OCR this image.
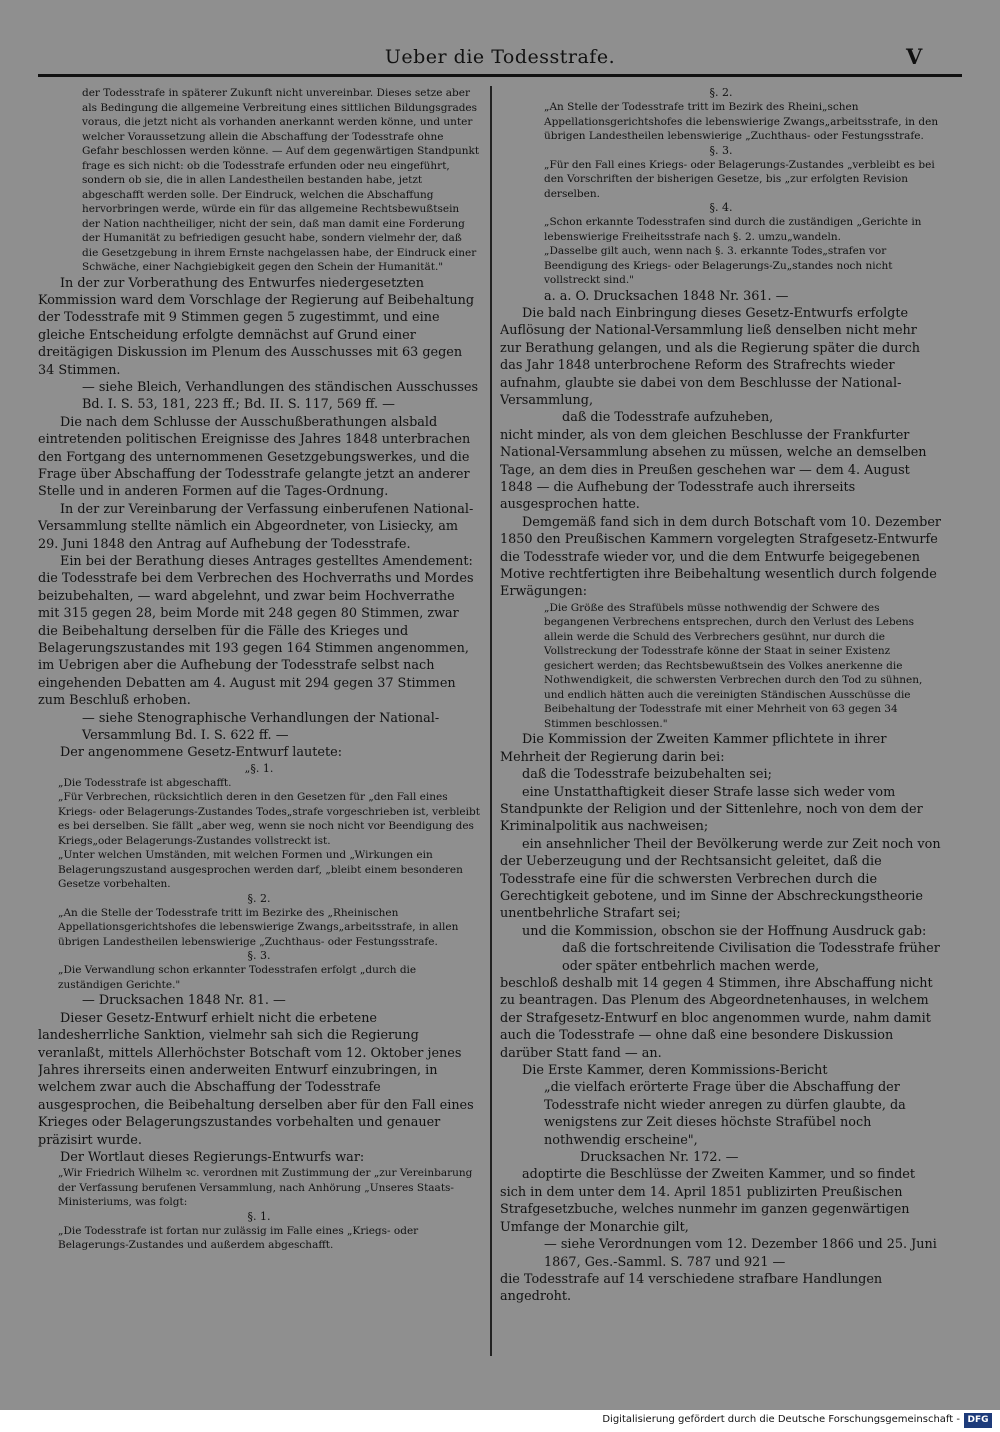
Ueber die Todesstrafe.	V

der Todesstrafe in späterer Zukunft nicht unvereinbar. Dieses setze aber als Bedingung die allgemeine Verbreitung eines sittlichen Bildungsgrades voraus, die jetzt nicht als vorhanden anerkannt werden könne, und unter welcher Voraussetzung allein die Abschaffung der Todesstrafe ohne Gefahr beschlossen werden könne. — Auf dem gegenwärtigen Standpunkt frage es sich nicht: ob die Todesstrafe erfunden oder neu eingeführt, sondern ob sie, die in allen Landestheilen bestanden habe, jetzt abgeschafft werden solle. Der Eindruck, welchen die Abschaffung hervorbringen werde, würde ein für das allgemeine Rechtsbewußtsein der Nation nachtheiliger, nicht der sein, daß man damit eine Forderung der Humanität zu befriedigen gesucht habe, sondern vielmehr der, daß die Gesetzgebung in ihrem Ernste nachgelassen habe, der Eindruck einer Schwäche, einer Nachgiebigkeit gegen den Schein der Humanität."

In der zur Vorberathung des Entwurfes niedergesetzten Kommission ward dem Vorschlage der Regierung auf Beibehaltung der Todesstrafe mit 9 Stimmen gegen 5 zugestimmt, und eine gleiche Entscheidung erfolgte demnächst auf Grund einer dreitägigen Diskussion im Plenum des Ausschusses mit 63 gegen 34 Stimmen.

— siehe Bleich, Verhandlungen des ständischen Ausschusses Bd. I. S. 53, 181, 223 ff.; Bd. II. S. 117, 569 ff. —

Die nach dem Schlusse der Ausschußberathungen alsbald eintretenden politischen Ereignisse des Jahres 1848 unterbrachen den Fortgang des unternommenen Gesetzgebungswerkes, und die Frage über Abschaffung der Todesstrafe gelangte jetzt an anderer Stelle und in anderen Formen auf die Tages-Ordnung.

In der zur Vereinbarung der Verfassung einberufenen National-Versammlung stellte nämlich ein Abgeordneter, von Lisiecky, am 29. Juni 1848 den Antrag auf Aufhebung der Todesstrafe.

Ein bei der Berathung dieses Antrages gestelltes Amendement: die Todesstrafe bei dem Verbrechen des Hochverraths und Mordes beizubehalten, — ward abgelehnt, und zwar beim Hochverrathe mit 315 gegen 28, beim Morde mit 248 gegen 80 Stimmen, zwar die Beibehaltung derselben für die Fälle des Krieges und Belagerungszustandes mit 193 gegen 164 Stimmen angenommen, im Uebrigen aber die Aufhebung der Todesstrafe selbst nach eingehenden Debatten am 4. August mit 294 gegen 37 Stimmen zum Beschluß erhoben.

— siehe Stenographische Verhandlungen der National-Versammlung Bd. I. S. 622 ff. —

Der angenommene Gesetz-Entwurf lautete:

„§. 1.

„Die Todesstrafe ist abgeschafft.

„Für Verbrechen, rücksichtlich deren in den Gesetzen für „den Fall eines Kriegs- oder Belagerungs-Zustandes Todes„strafe vorgeschrieben ist, verbleibt es bei derselben. Sie fällt „aber weg, wenn sie noch nicht vor Beendigung des Kriegs„oder Belagerungs-Zustandes vollstreckt ist.

„Unter welchen Umständen, mit welchen Formen und „Wirkungen ein Belagerungszustand ausgesprochen werden darf, „bleibt einem besonderen Gesetze vorbehalten.

§. 2.

„An die Stelle der Todesstrafe tritt im Bezirke des „Rheinischen Appellationsgerichtshofes die lebenswierige Zwangs„arbeitsstrafe, in allen übrigen Landestheilen lebenswierige „Zuchthaus- oder Festungsstrafe.

§. 3.

„Die Verwandlung schon erkannter Todesstrafen erfolgt „durch die zuständigen Gerichte."

— Drucksachen 1848 Nr. 81. —

Dieser Gesetz-Entwurf erhielt nicht die erbetene landesherrliche Sanktion, vielmehr sah sich die Regierung veranlaßt, mittels Allerhöchster Botschaft vom 12. Oktober jenes Jahres ihrerseits einen anderweiten Entwurf einzubringen, in welchem zwar auch die Abschaffung der Todesstrafe ausgesprochen, die Beibehaltung derselben aber für den Fall eines Krieges oder Belagerungszustandes vorbehalten und genauer präzisirt wurde.

Der Wortlaut dieses Regierungs-Entwurfs war:

„Wir Friedrich Wilhelm ꝛc. verordnen mit Zustimmung der „zur Vereinbarung der Verfassung berufenen Versammlung, nach Anhörung „Unseres Staats-Ministeriums, was folgt:

§. 1.

„Die Todesstrafe ist fortan nur zulässig im Falle eines „Kriegs- oder Belagerungs-Zustandes und außerdem abgeschafft.

§. 2.

„An Stelle der Todesstrafe tritt im Bezirk des Rheini„schen Appellationsgerichtshofes die lebenswierige Zwangs„arbeitsstrafe, in den übrigen Landestheilen lebenswierige „Zuchthaus- oder Festungsstrafe.

§. 3.

„Für den Fall eines Kriegs- oder Belagerungs-Zustandes „verbleibt es bei den Vorschriften der bisherigen Gesetze, bis „zur erfolgten Revision derselben.

§. 4.

„Schon erkannte Todesstrafen sind durch die zuständigen „Gerichte in lebenswierige Freiheitsstrafe nach §. 2. umzu„wandeln.

„Dasselbe gilt auch, wenn nach §. 3. erkannte Todes„strafen vor Beendigung des Kriegs- oder Belagerungs-Zu„standes noch nicht vollstreckt sind."

a. a. O. Drucksachen 1848 Nr. 361. —

Die bald nach Einbringung dieses Gesetz-Entwurfs erfolgte Auflösung der National-Versammlung ließ denselben nicht mehr zur Berathung gelangen, und als die Regierung später die durch das Jahr 1848 unterbrochene Reform des Strafrechts wieder aufnahm, glaubte sie dabei von dem Beschlusse der National-Versammlung,

daß die Todesstrafe aufzuheben,

nicht minder, als von dem gleichen Beschlusse der Frankfurter National-Versammlung absehen zu müssen, welche an demselben Tage, an dem dies in Preußen geschehen war — dem 4. August 1848 — die Aufhebung der Todesstrafe auch ihrerseits ausgesprochen hatte.

Demgemäß fand sich in dem durch Botschaft vom 10. Dezember 1850 den Preußischen Kammern vorgelegten Strafgesetz-Entwurfe die Todesstrafe wieder vor, und die dem Entwurfe beigegebenen Motive rechtfertigten ihre Beibehaltung wesentlich durch folgende Erwägungen:

„Die Größe des Strafübels müsse nothwendig der Schwere des begangenen Verbrechens entsprechen, durch den Verlust des Lebens allein werde die Schuld des Verbrechers gesühnt, nur durch die Vollstreckung der Todesstrafe könne der Staat in seiner Existenz gesichert werden; das Rechtsbewußtsein des Volkes anerkenne die Nothwendigkeit, die schwersten Verbrechen durch den Tod zu sühnen, und endlich hätten auch die vereinigten Ständischen Ausschüsse die Beibehaltung der Todesstrafe mit einer Mehrheit von 63 gegen 34 Stimmen beschlossen."

Die Kommission der Zweiten Kammer pflichtete in ihrer Mehrheit der Regierung darin bei:

daß die Todesstrafe beizubehalten sei;

eine Unstatthaftigkeit dieser Strafe lasse sich weder vom Standpunkte der Religion und der Sittenlehre, noch von dem der Kriminalpolitik aus nachweisen;

ein ansehnlicher Theil der Bevölkerung werde zur Zeit noch von der Ueberzeugung und der Rechtsansicht geleitet, daß die Todesstrafe eine für die schwersten Verbrechen durch die Gerechtigkeit gebotene, und im Sinne der Abschreckungstheorie unentbehrliche Strafart sei;

und die Kommission, obschon sie der Hoffnung Ausdruck gab:

daß die fortschreitende Civilisation die Todesstrafe früher oder später entbehrlich machen werde,

beschloß deshalb mit 14 gegen 4 Stimmen, ihre Abschaffung nicht zu beantragen. Das Plenum des Abgeordnetenhauses, in welchem der Strafgesetz-Entwurf en bloc angenommen wurde, nahm damit auch die Todesstrafe — ohne daß eine besondere Diskussion darüber Statt fand — an.

Die Erste Kammer, deren Kommissions-Bericht

„die vielfach erörterte Frage über die Abschaffung der Todesstrafe nicht wieder anregen zu dürfen glaubte, da wenigstens zur Zeit dieses höchste Strafübel noch nothwendig erscheine",

Drucksachen Nr. 172. —

adoptirte die Beschlüsse der Zweiten Kammer, und so findet sich in dem unter dem 14. April 1851 publizirten Preußischen Strafgesetzbuche, welches nunmehr im ganzen gegenwärtigen Umfange der Monarchie gilt,

— siehe Verordnungen vom 12. Dezember 1866 und 25. Juni 1867, Ges.-Samml. S. 787 und 921 —

die Todesstrafe auf 14 verschiedene strafbare Handlungen angedroht.

Digitalisierung gefördert durch die Deutsche Forschungsgemeinschaft - DFG
